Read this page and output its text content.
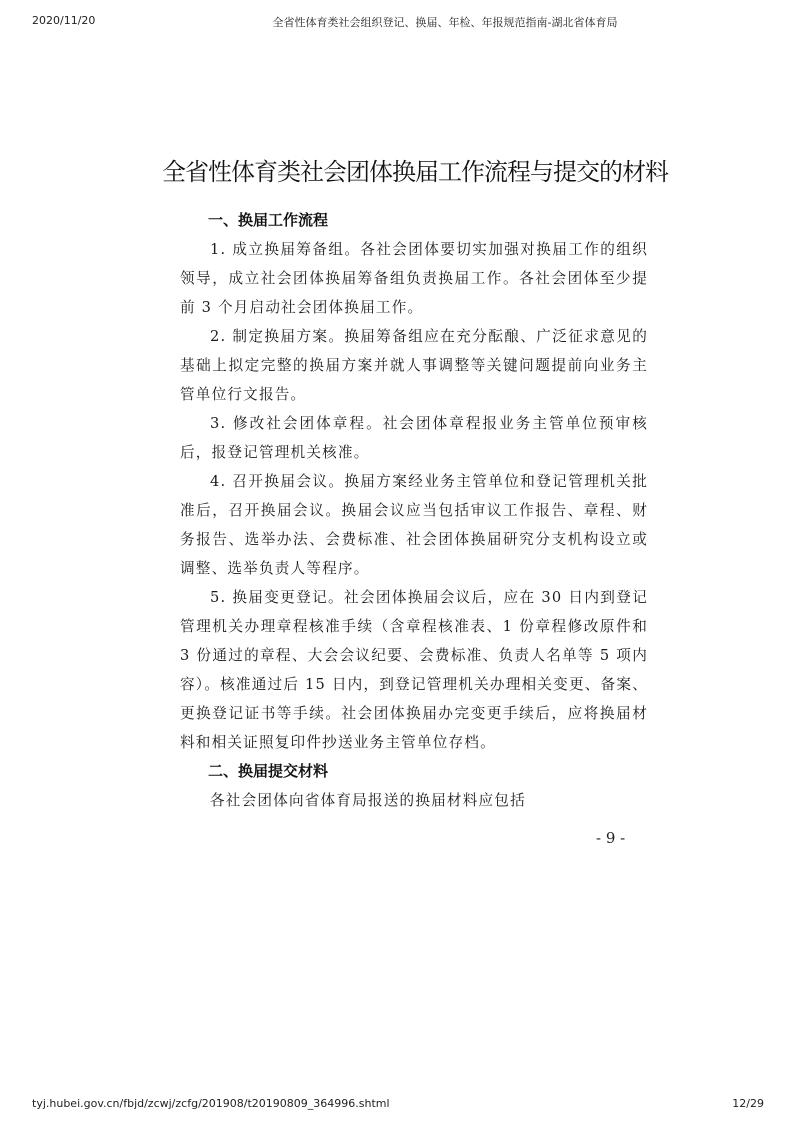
2020/11/20	全省性体育类社会组织登记、换届、年检、年报规范指南-湖北省体育局
全省性体育类社会团体换届工作流程与提交的材料
一、换届工作流程

1. 成立换届筹备组。各社会团体要切实加强对换届工作的组织领导，成立社会团体换届筹备组负责换届工作。各社会团体至少提前 3 个月启动社会团体换届工作。

2. 制定换届方案。换届筹备组应在充分酝酿、广泛征求意见的基础上拟定完整的换届方案并就人事调整等关键问题提前向业务主管单位行文报告。

3. 修改社会团体章程。社会团体章程报业务主管单位预审核后，报登记管理机关核准。

4. 召开换届会议。换届方案经业务主管单位和登记管理机关批准后，召开换届会议。换届会议应当包括审议工作报告、章程、财务报告、选举办法、会费标准、社会团体换届研究分支机构设立或调整、选举负责人等程序。

5. 换届变更登记。社会团体换届会议后，应在 30 日内到登记管理机关办理章程核准手续（含章程核准表、1 份章程修改原件和 3 份通过的章程、大会会议纪要、会费标准、负责人名单等 5 项内容）。核准通过后 15 日内，到登记管理机关办理相关变更、备案、更换登记证书等手续。社会团体换届办完变更手续后，应将换届材料和相关证照复印件抄送业务主管单位存档。

二、换届提交材料

各社会团体向省体育局报送的换届材料应包括

- 9 -
tyj.hubei.gov.cn/fbjd/zcwj/zcfg/201908/t20190809_364996.shtml	12/29
